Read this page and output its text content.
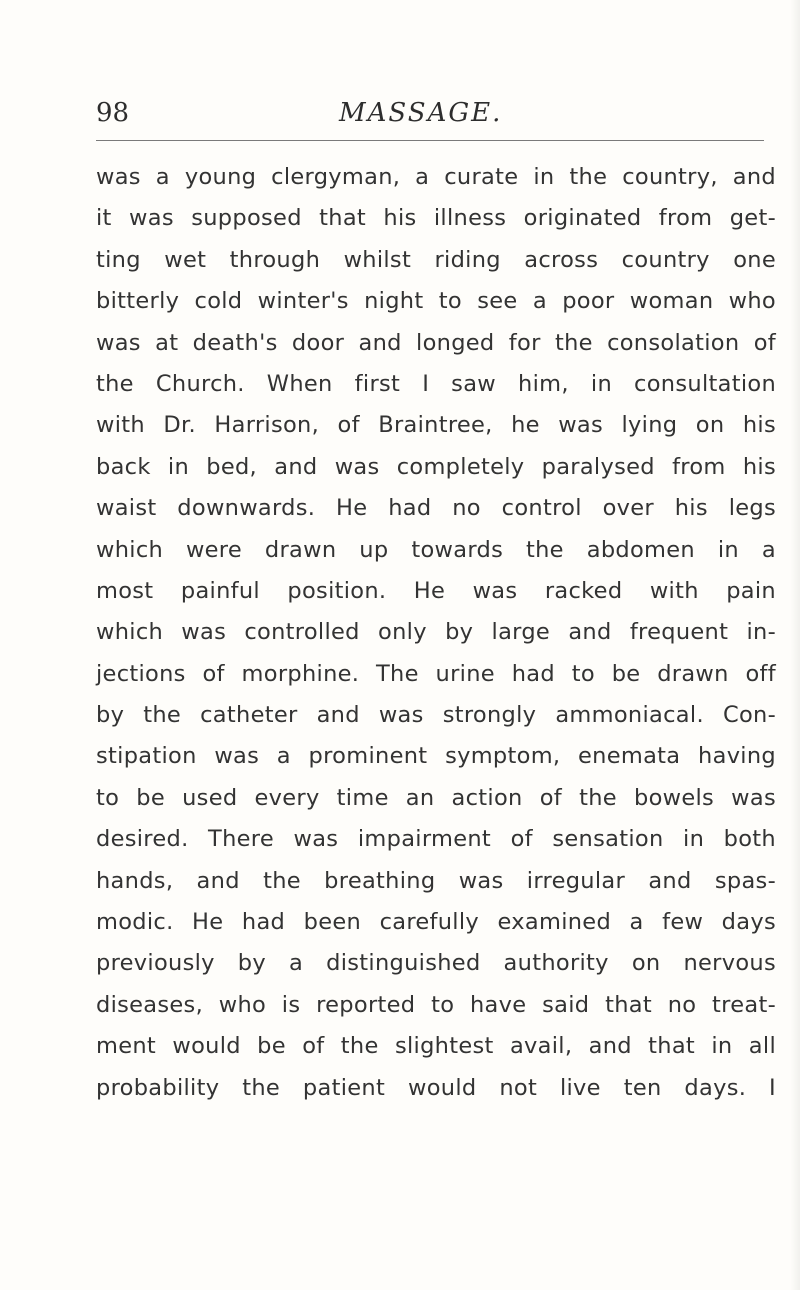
98	MASSAGE.
was a young clergyman, a curate in the country, and
it was supposed that his illness originated from get-
ting wet through whilst riding across country one
bitterly cold winter's night to see a poor woman who
was at death's door and longed for the consolation of
the Church. When first I saw him, in consultation
with Dr. Harrison, of Braintree, he was lying on his
back in bed, and was completely paralysed from his
waist downwards. He had no control over his legs
which were drawn up towards the abdomen in a
most painful position. He was racked with pain
which was controlled only by large and frequent in-
jections of morphine. The urine had to be drawn off
by the catheter and was strongly ammoniacal. Con-
stipation was a prominent symptom, enemata having
to be used every time an action of the bowels was
desired. There was impairment of sensation in both
hands, and the breathing was irregular and spas-
modic. He had been carefully examined a few days
previously by a distinguished authority on nervous
diseases, who is reported to have said that no treat-
ment would be of the slightest avail, and that in all
probability the patient would not live ten days. I
